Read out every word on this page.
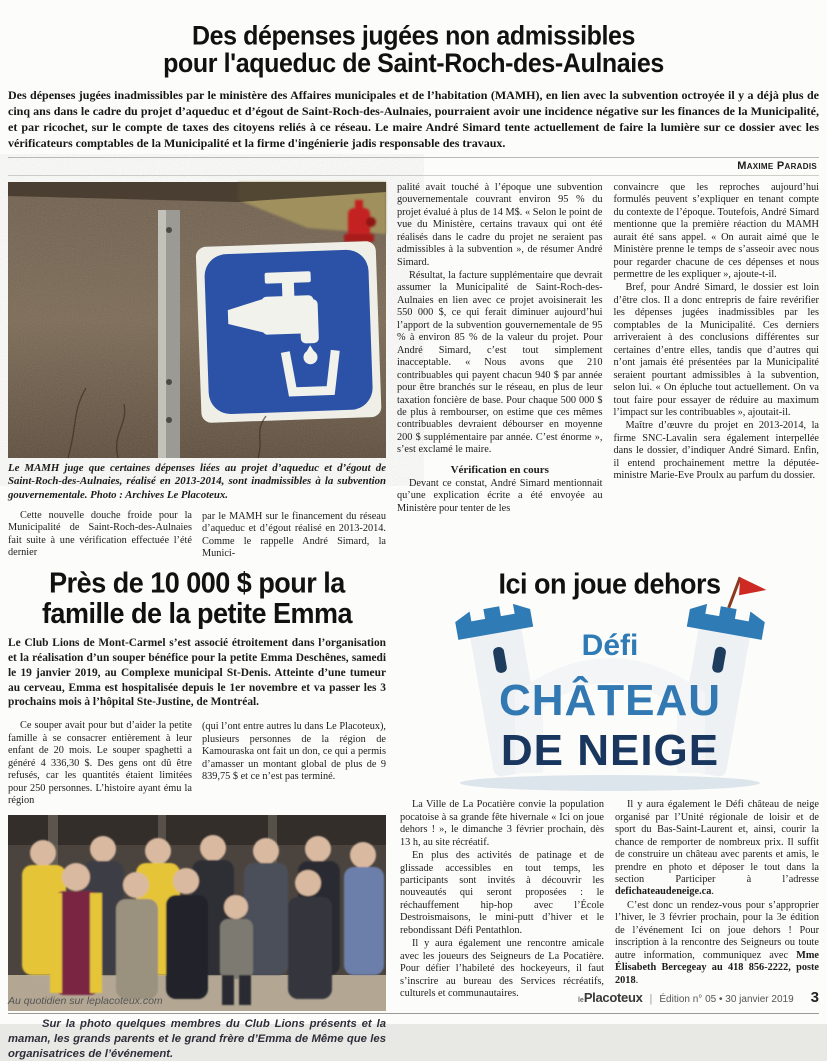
Des dépenses jugées non admissibles
pour l'aqueduc de Saint-Roch-des-Aulnaies

Des dépenses jugées inadmissibles par le ministère des Affaires municipales et de l’habitation (MAMH), en lien avec la subvention octroyée il y a déjà plus de cinq ans dans le cadre du projet d’aqueduc et d’égout de Saint-Roch-des-Aulnaies, pourraient avoir une incidence négative sur les finances de la Municipalité, et par ricochet, sur le compte de taxes des citoyens reliés à ce réseau. Le maire André Simard tente actuellement de faire la lumière sur ce dossier avec les vérificateurs comptables de la Municipalité et la firme d'ingénierie jadis responsable des travaux.

Maxime Paradis

Le MAMH juge que certaines dépenses liées au projet d’aqueduc et d’égout de Saint-Roch-des-Aulnaies, réalisé en 2013-2014, sont inadmissibles à la subvention gouvernementale. Photo : Archives Le Placoteux.

Cette nouvelle douche froide pour la Municipalité de Saint-Roch-des-Aulnaies fait suite à une vérification effectuée l’été dernier

par le MAMH sur le financement du réseau d’aqueduc et d’égout réalisé en 2013-2014. Comme le rappelle André Simard, la Munici-

palité avait touché à l’époque une subvention gouvernementale couvrant environ 95 % du projet évalué à plus de 14 M$. « Selon le point de vue du Ministère, certains travaux qui ont été réalisés dans le cadre du projet ne seraient pas admissibles à la subvention », de résumer André Simard.

Résultat, la facture supplémentaire que devrait assumer la Municipalité de Saint-Roch-des-Aulnaies en lien avec ce projet avoisinerait les 550 000 $, ce qui ferait diminuer aujourd’hui l’apport de la subvention gouvernementale de 95 % à environ 85 % de la valeur du projet. Pour André Simard, c’est tout simplement inacceptable. « Nous avons que 210 contribuables qui payent chacun 940 $ par année pour être branchés sur le réseau, en plus de leur taxation foncière de base. Pour chaque 500 000 $ de plus à rembourser, on estime que ces mêmes contribuables devraient débourser en moyenne 200 $ supplémentaire par année. C’est énorme », s’est exclamé le maire.

Vérification en cours

Devant ce constat, André Simard mentionnait qu’une explication écrite a été envoyée au Ministère pour tenter de les

convaincre que les reproches aujourd’hui formulés peuvent s’expliquer en tenant compte du contexte de l’époque. Toutefois, André Simard mentionne que la première réaction du MAMH aurait été sans appel. « On aurait aimé que le Ministère prenne le temps de s’asseoir avec nous pour regarder chacune de ces dépenses et nous permettre de les expliquer », ajoute-t-il.

Bref, pour André Simard, le dossier est loin d’être clos. Il a donc entrepris de faire revérifier les dépenses jugées inadmissibles par les comptables de la Municipalité. Ces derniers arriveraient à des conclusions différentes sur certaines d’entre elles, tandis que d’autres qui n’ont jamais été présentées par la Municipalité seraient pourtant admissibles à la subvention, selon lui. « On épluche tout actuellement. On va tout faire pour essayer de réduire au maximum l’impact sur les contribuables », ajoutait-il.

Maître d’œuvre du projet en 2013-2014, la firme SNC-Lavalin sera également interpellée dans le dossier, d’indiquer André Simard. Enfin, il entend prochainement mettre la députée-ministre Marie-Eve Proulx au parfum du dossier.

Près de 10 000 $ pour la
famille de la petite Emma

Le Club Lions de Mont-Carmel s’est associé étroitement dans l’organisation et la réalisation d’un souper bénéfice pour la petite Emma Deschênes, samedi le 19 janvier 2019, au Complexe municipal St-Denis. Atteinte d’une tumeur au cerveau, Emma est hospitalisée depuis le 1er novembre et va passer les 3 prochains mois à l’hôpital Ste-Justine, de Montréal.

Ce souper avait pour but d’aider la petite famille à se consacrer entièrement à leur enfant de 20 mois. Le souper spaghetti a généré 4 336,30 $. Des gens ont dû être refusés, car les quantités étaient limitées pour 250 personnes. L’histoire ayant ému la région

(qui l’ont entre autres lu dans Le Placoteux), plusieurs personnes de la région de Kamouraska ont fait un don, ce qui a permis d’amasser un montant global de plus de 9 839,75 $ et ce n’est pas terminé.

Sur la photo quelques membres du Club Lions présents et la maman, les grands parents et le grand frère d’Emma de Même que les organisatrices de l’événement.

Ici on joue dehors
Défi
CHÂTEAU
DE NEIGE

La Ville de La Pocatière convie la population pocatoise à sa grande fête hivernale « Ici on joue dehors ! », le dimanche 3 février prochain, dès 13 h, au site récréatif.

En plus des activités de patinage et de glissade accessibles en tout temps, les participants sont invités à découvrir les nouveautés qui seront proposées : le réchauffement hip-hop avec l’École Destroismaisons, le mini-putt d’hiver et le rebondissant Défi Pentathlon.

Il y aura également une rencontre amicale avec les joueurs des Seigneurs de La Pocatière. Pour défier l’habileté des hockeyeurs, il faut s’inscrire au bureau des Services récréatifs, culturels et communautaires.

Il y aura également le Défi château de neige organisé par l’Unité régionale de loisir et de sport du Bas-Saint-Laurent et, ainsi, courir la chance de remporter de nombreux prix. Il suffit de construire un château avec parents et amis, le prendre en photo et déposer le tout dans la section Participer à l’adresse defichateaudeneige.ca.

C’est donc un rendez-vous pour s’approprier l’hiver, le 3 février prochain, pour la 3e édition de l’événement Ici on joue dehors ! Pour inscription à la rencontre des Seigneurs ou toute autre information, communiquez avec Mme Élisabeth Bercegeay au 418 856-2222, poste 2018.

Au quotidien sur leplacoteux.com	lePlacoteux | Édition n° 05 • 30 janvier 2019 3
